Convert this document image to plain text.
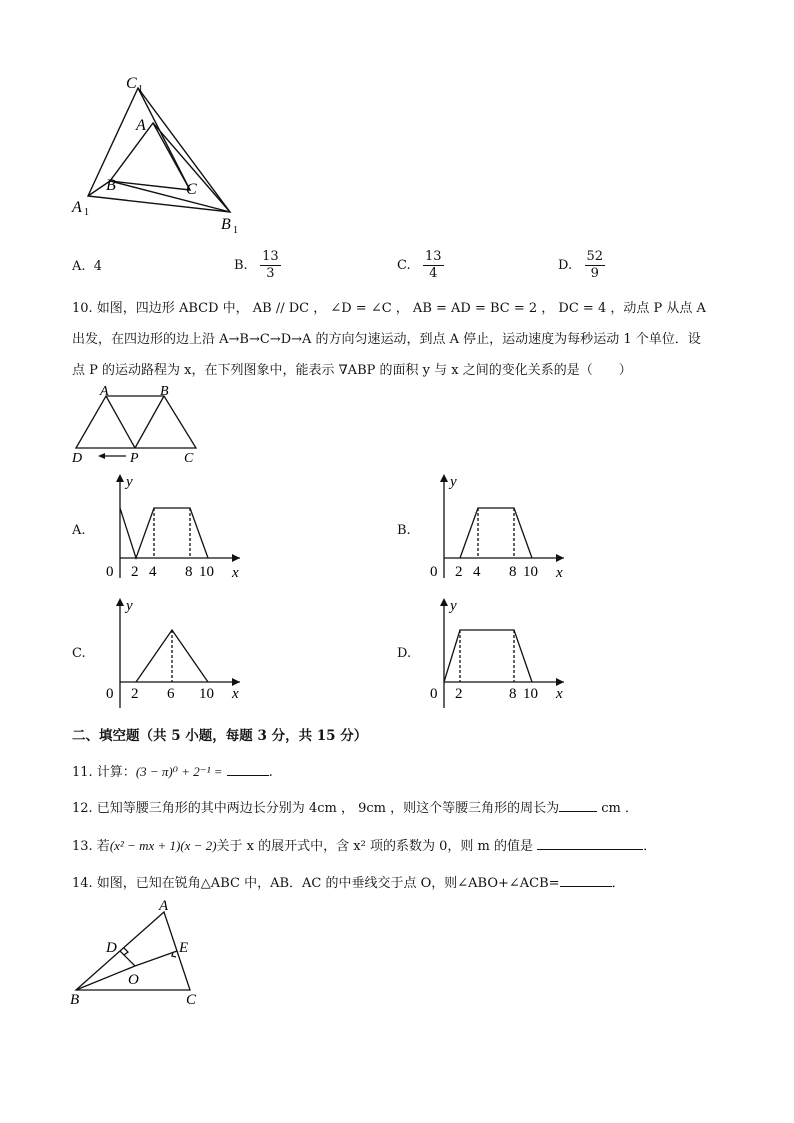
C 1
A
B	C
A 1
B 1
A. 4	B. $\frac{13}{3}$	C. $\frac{13}{4}$	D. $\frac{52}{9}$
10. 如图，四边形 ABCD 中， AB // DC ， ∠D = ∠C ， AB = AD = BC = 2 ， DC = 4 ，动点 P 从点 A
出发，在四边形的边上沿 A→B→C→D→A 的方向匀速运动，到点 A 停止，运动速度为每秒运动 1 个单位．设
点 P 的运动路程为 x，在下列图象中，能表示 ∇ABP 的面积 y 与 x 之间的变化关系的是（　　）
A	B
C
D	P
A.
y
x
0 2 4 8 10
B.
y
x
0 2 4 8 10
C.
y
x
0 2 6 10
D.
y
x
0 2	8 10
二、填空题（共 5 小题，每题 3 分，共 15 分）
11. 计算：(3 − π)⁰ + 2⁻¹ =	.
12. 已知等腰三角形的其中两边长分别为 4cm ， 9cm ，则这个等腰三角形的周长为	cm ．
13. 若(x² − mx + 1)(x − 2)关于 x 的展开式中，含 x² 项的系数为 0，则 m 的值是	．
14. 如图，已知在锐角△ABC 中，AB．AC 的中垂线交于点 O，则∠ABO+∠ACB=	．
A
B	C
D	E
O
